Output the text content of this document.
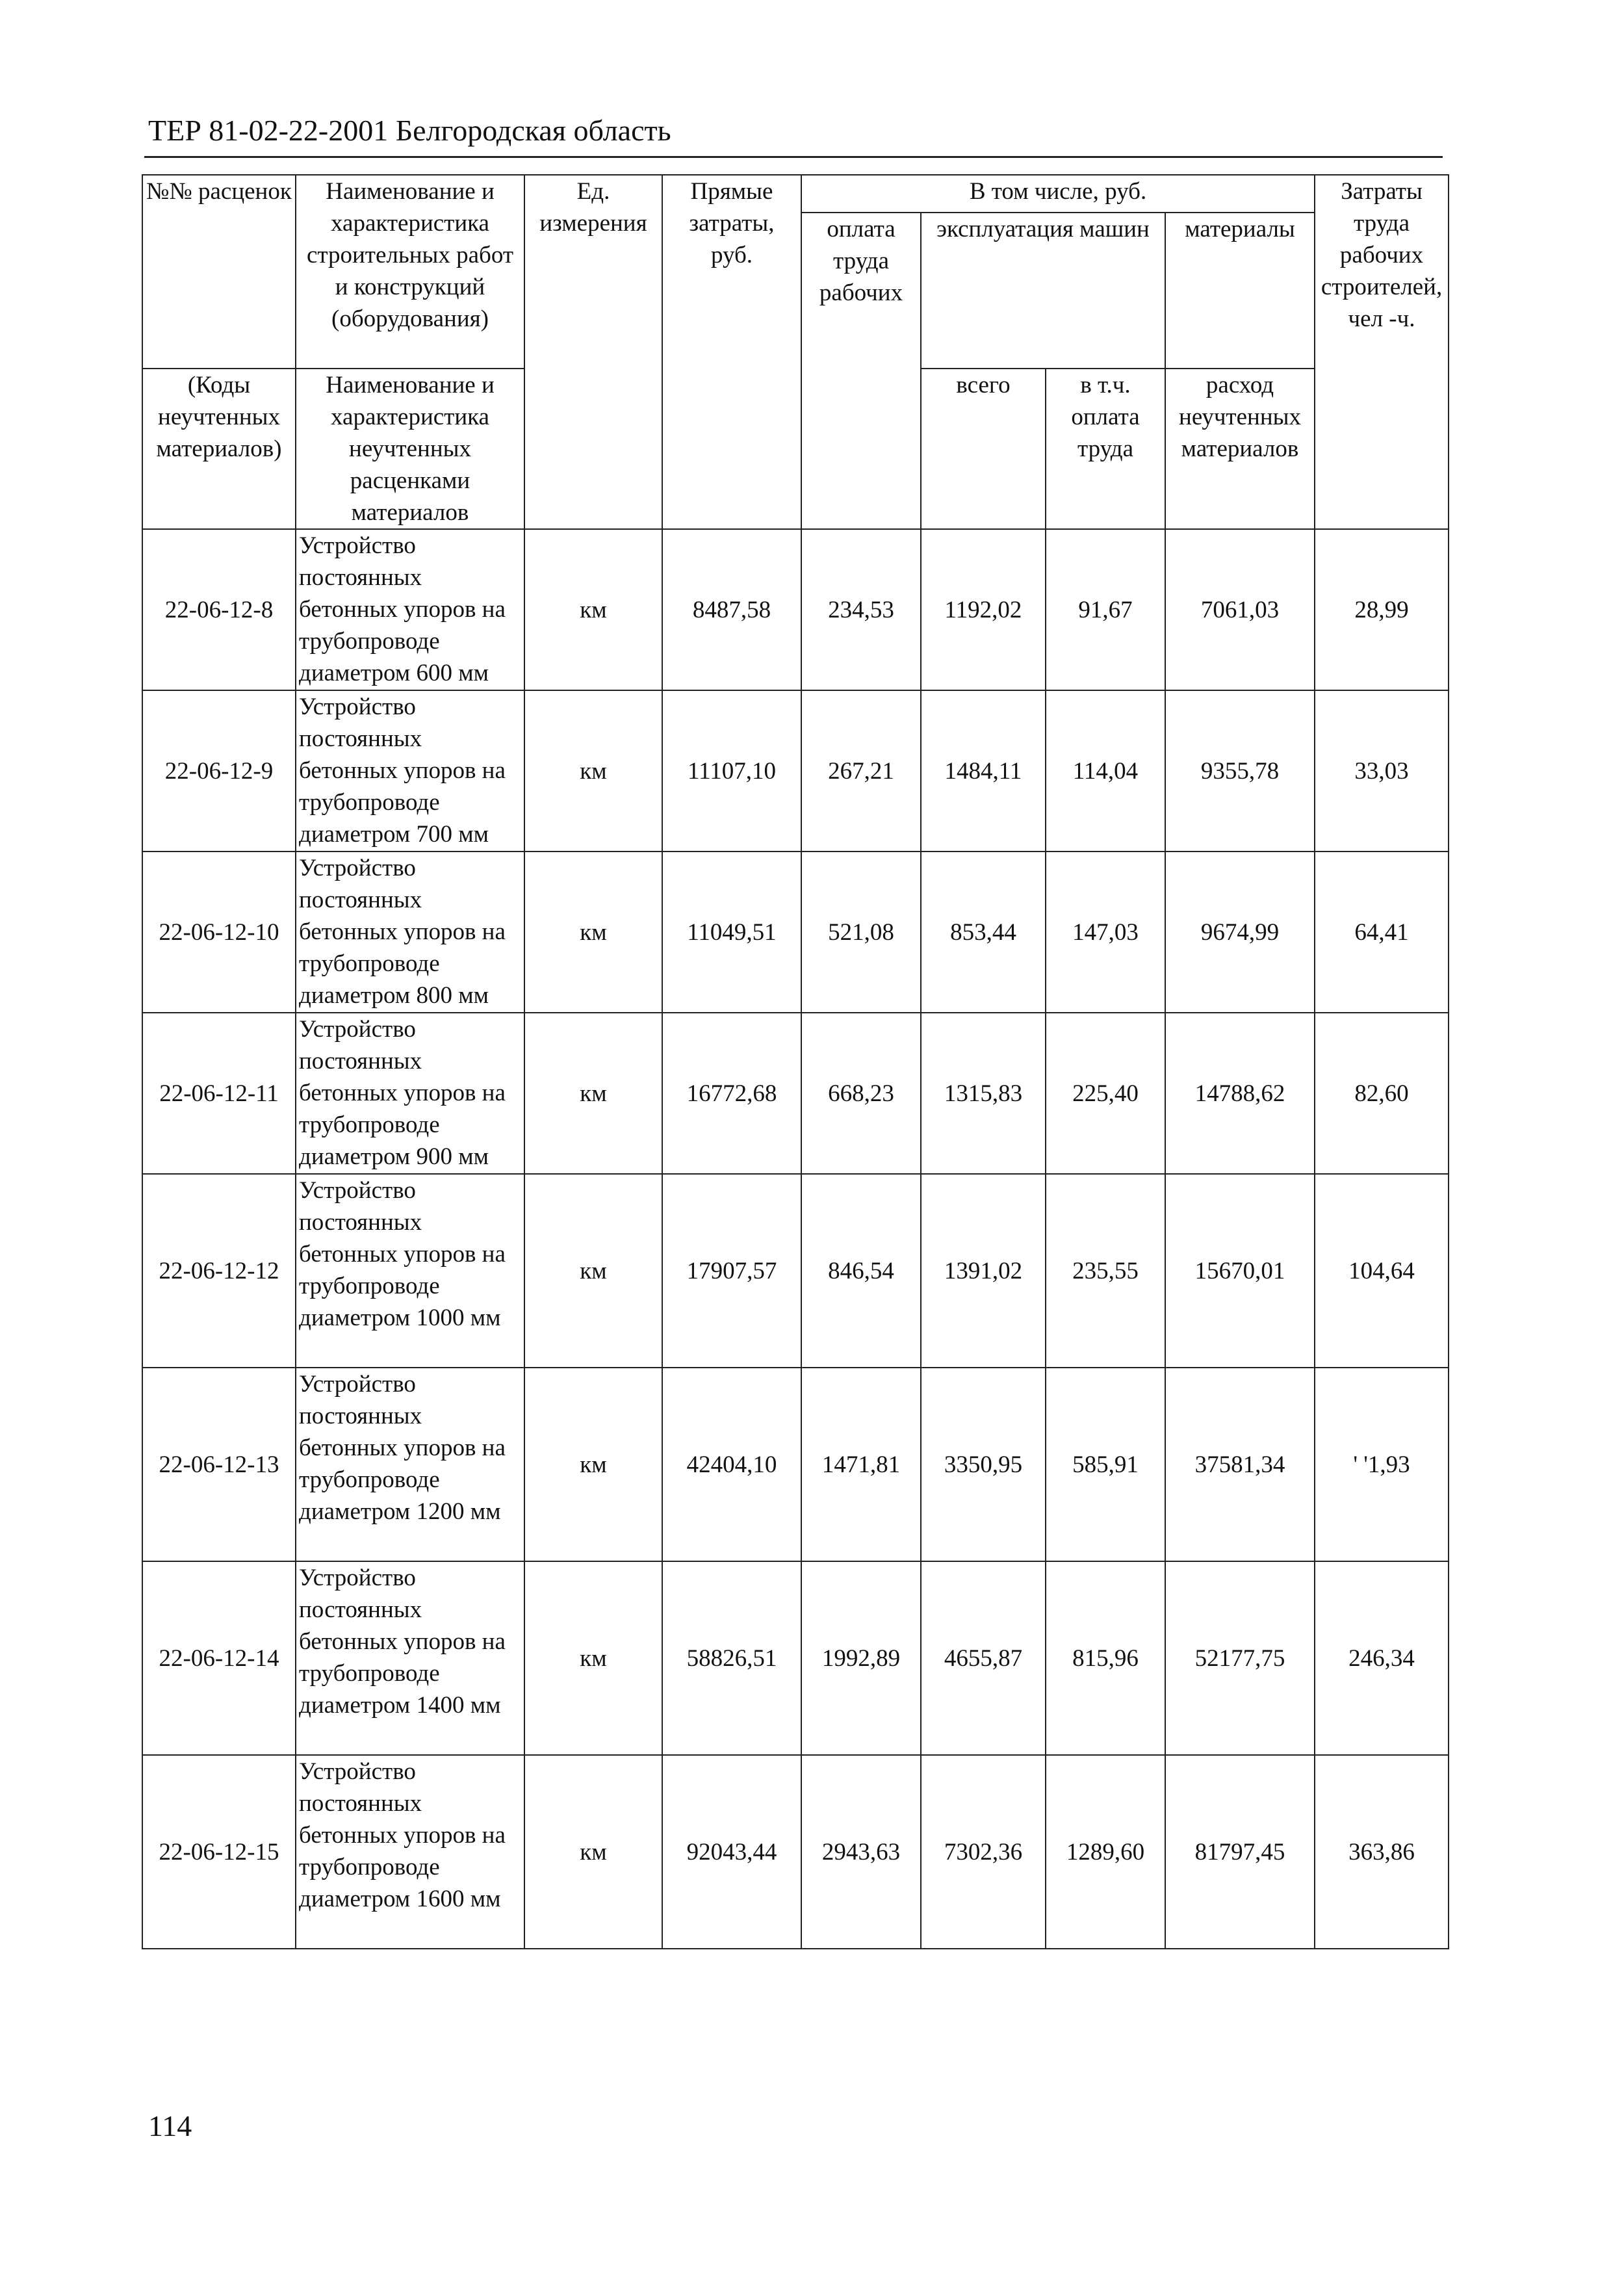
ТЕР 81-02-22-2001 Белгородская область
№№ расценок	Наименование и характеристика строительных работ и конструкций (оборудования)	Ед. измерения	Прямые затраты, руб.	В том числе, руб.				Затраты труда рабочих строителей, чел -ч.
				оплата труда рабочих	эксплуатация машин		материалы	
(Коды неучтенных материалов)	Наименование и характеристика неучтенных расценками материалов				всего	в т.ч. оплата труда	расход неучтенных материалов	
22-06-12-8	Устройство постоянных бетонных упоров на трубопроводе диаметром 600 мм	км	8487,58	234,53	1192,02	91,67	7061,03	28,99
22-06-12-9	Устройство постоянных бетонных упоров на трубопроводе диаметром 700 мм	км	11107,10	267,21	1484,11	114,04	9355,78	33,03
22-06-12-10	Устройство постоянных бетонных упоров на трубопроводе диаметром 800 мм	км	11049,51	521,08	853,44	147,03	9674,99	64,41
22-06-12-11	Устройство постоянных бетонных упоров на трубопроводе диаметром 900 мм	км	16772,68	668,23	1315,83	225,40	14788,62	82,60
22-06-12-12	Устройство постоянных бетонных упоров на трубопроводе диаметром 1000 мм	км	17907,57	846,54	1391,02	235,55	15670,01	104,64
22-06-12-13	Устройство постоянных бетонных упоров на трубопроводе диаметром 1200 мм	км	42404,10	1471,81	3350,95	585,91	37581,34	' '1,93
22-06-12-14	Устройство постоянных бетонных упоров на трубопроводе диаметром 1400 мм	км	58826,51	1992,89	4655,87	815,96	52177,75	246,34
22-06-12-15	Устройство постоянных бетонных упоров на трубопроводе диаметром 1600 мм	км	92043,44	2943,63	7302,36	1289,60	81797,45	363,86
114
